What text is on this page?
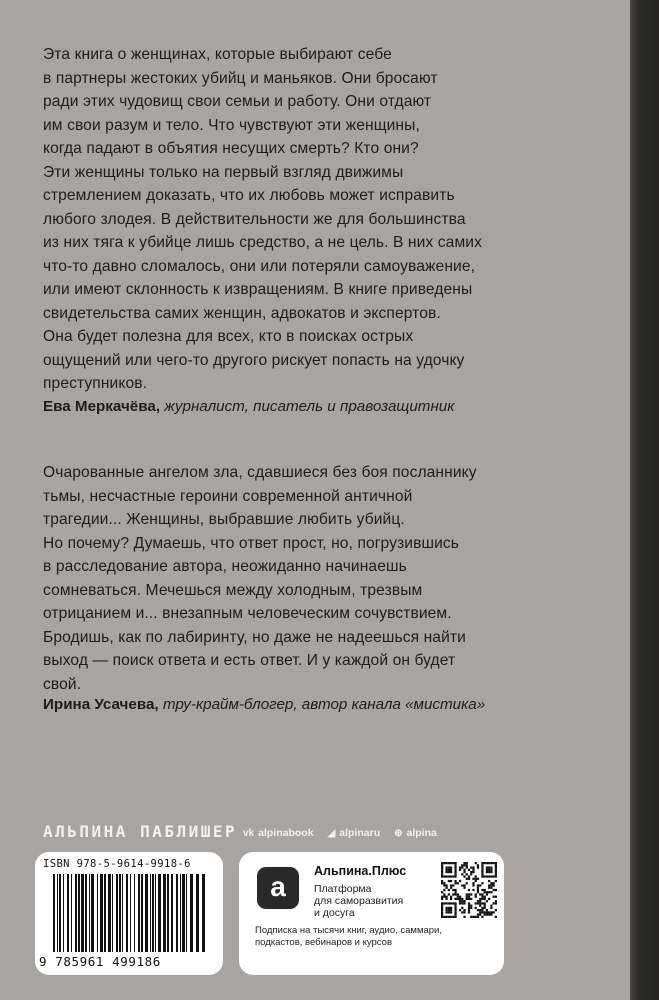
Эта книга о женщинах, которые выбирают себе
в партнеры жестоких убийц и маньяков. Они бросают
ради этих чудовищ свои семьи и работу. Они отдают
им свои разум и тело. Что чувствуют эти женщины,
когда падают в объятия несущих смерть? Кто они?
Эти женщины только на первый взгляд движимы
стремлением доказать, что их любовь может исправить
любого злодея. В действительности же для большинства
из них тяга к убийце лишь средство, а не цель. В них самих
что-то давно сломалось, они или потеряли самоуважение,
или имеют склонность к извращениям. В книге приведены
свидетельства самих женщин, адвокатов и экспертов.
Она будет полезна для всех, кто в поисках острых
ощущений или чего-то другого рискует попасть на удочку
преступников.
Ева Меркачёва, журналист, писатель и правозащитник
Очарованные ангелом зла, сдавшиеся без боя посланнику
тьмы, несчастные героини современной античной
трагедии... Женщины, выбравшие любить убийц.
Но почему? Думаешь, что ответ прост, но, погрузившись
в расследование автора, неожиданно начинаешь
сомневаться. Мечешься между холодным, трезвым
отрицанием и... внезапным человеческим сочувствием.
Бродишь, как по лабиринту, но даже не надеешься найти
выход — поиск ответа и есть ответ. И у каждой он будет
свой.
Ирина Усачева, тру-крайм-блогер, автор канала «мистика»
АЛЬПИНА ПАБЛИШЕР vk alpinabook ◢ alpinaru ⊕ alpina
ISBN 978-5-9614-9918-6
9 785961 499186
a	Альпина.Плюс
Платформа
для саморазвития
и досуга
Подписка на тысячи книг, аудио, саммари,
подкастов, вебинаров и курсов
